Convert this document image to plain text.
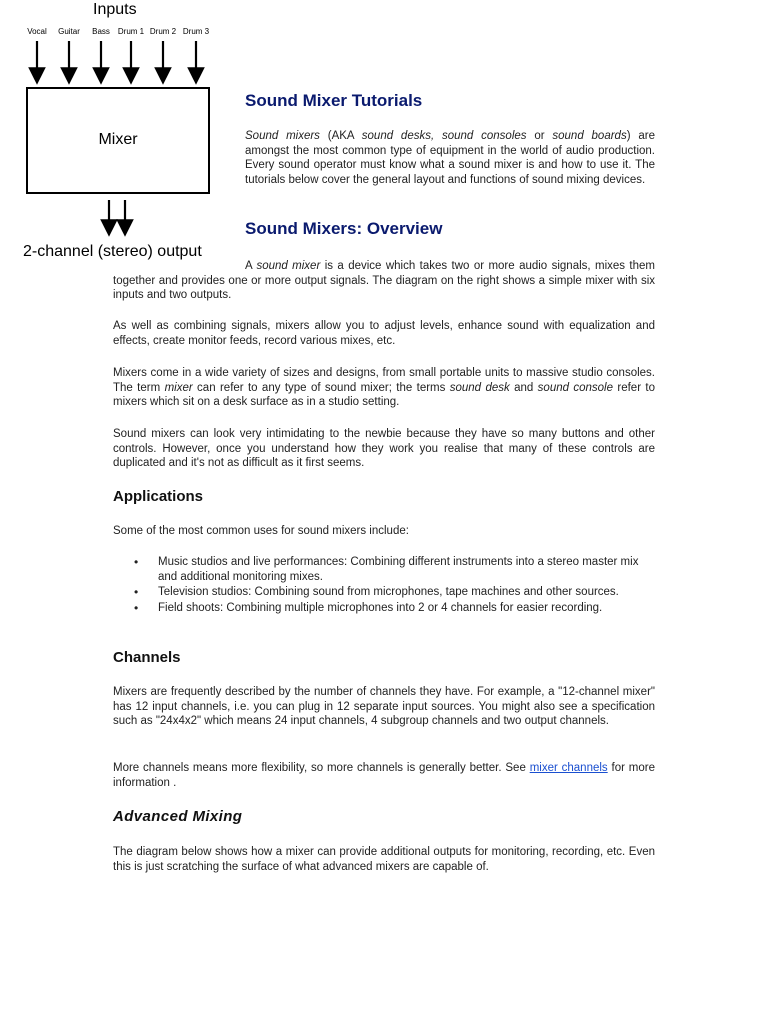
Inputs
Vocal Guitar Bass Drum 1 Drum 2 Drum 3
Mixer
2-channel (stereo) output
Sound Mixer Tutorials

Sound mixers (AKA sound desks, sound consoles or sound boards) are amongst the most common type of equipment in the world of audio production. Every sound operator must know what a sound mixer is and how to use it. The tutorials below cover the general layout and functions of sound mixing devices.

Sound Mixers: Overview

A sound mixer is a device which takes two or more audio signals, mixes them together and provides one or more output signals. The diagram on the right shows a simple mixer with six inputs and two outputs.

As well as combining signals, mixers allow you to adjust levels, enhance sound with equalization and effects, create monitor feeds, record various mixes, etc.

Mixers come in a wide variety of sizes and designs, from small portable units to massive studio consoles. The term mixer can refer to any type of sound mixer; the terms sound desk and sound console refer to mixers which sit on a desk surface as in a studio setting.

Sound mixers can look very intimidating to the newbie because they have so many buttons and other controls. However, once you understand how they work you realise that many of these controls are duplicated and it's not as difficult as it first seems.

Applications

Some of the most common uses for sound mixers include:

• Music studios and live performances: Combining different instruments into a stereo master mix and additional monitoring mixes.
• Television studios: Combining sound from microphones, tape machines and other sources.
• Field shoots: Combining multiple microphones into 2 or 4 channels for easier recording.
Channels

Mixers are frequently described by the number of channels they have. For example, a "12-channel mixer" has 12 input channels, i.e. you can plug in 12 separate input sources. You might also see a specification such as "24x4x2" which means 24 input channels, 4 subgroup channels and two output channels.

More channels means more flexibility, so more channels is generally better. See mixer channels for more information .

Advanced Mixing

The diagram below shows how a mixer can provide additional outputs for monitoring, recording, etc. Even this is just scratching the surface of what advanced mixers are capable of.
